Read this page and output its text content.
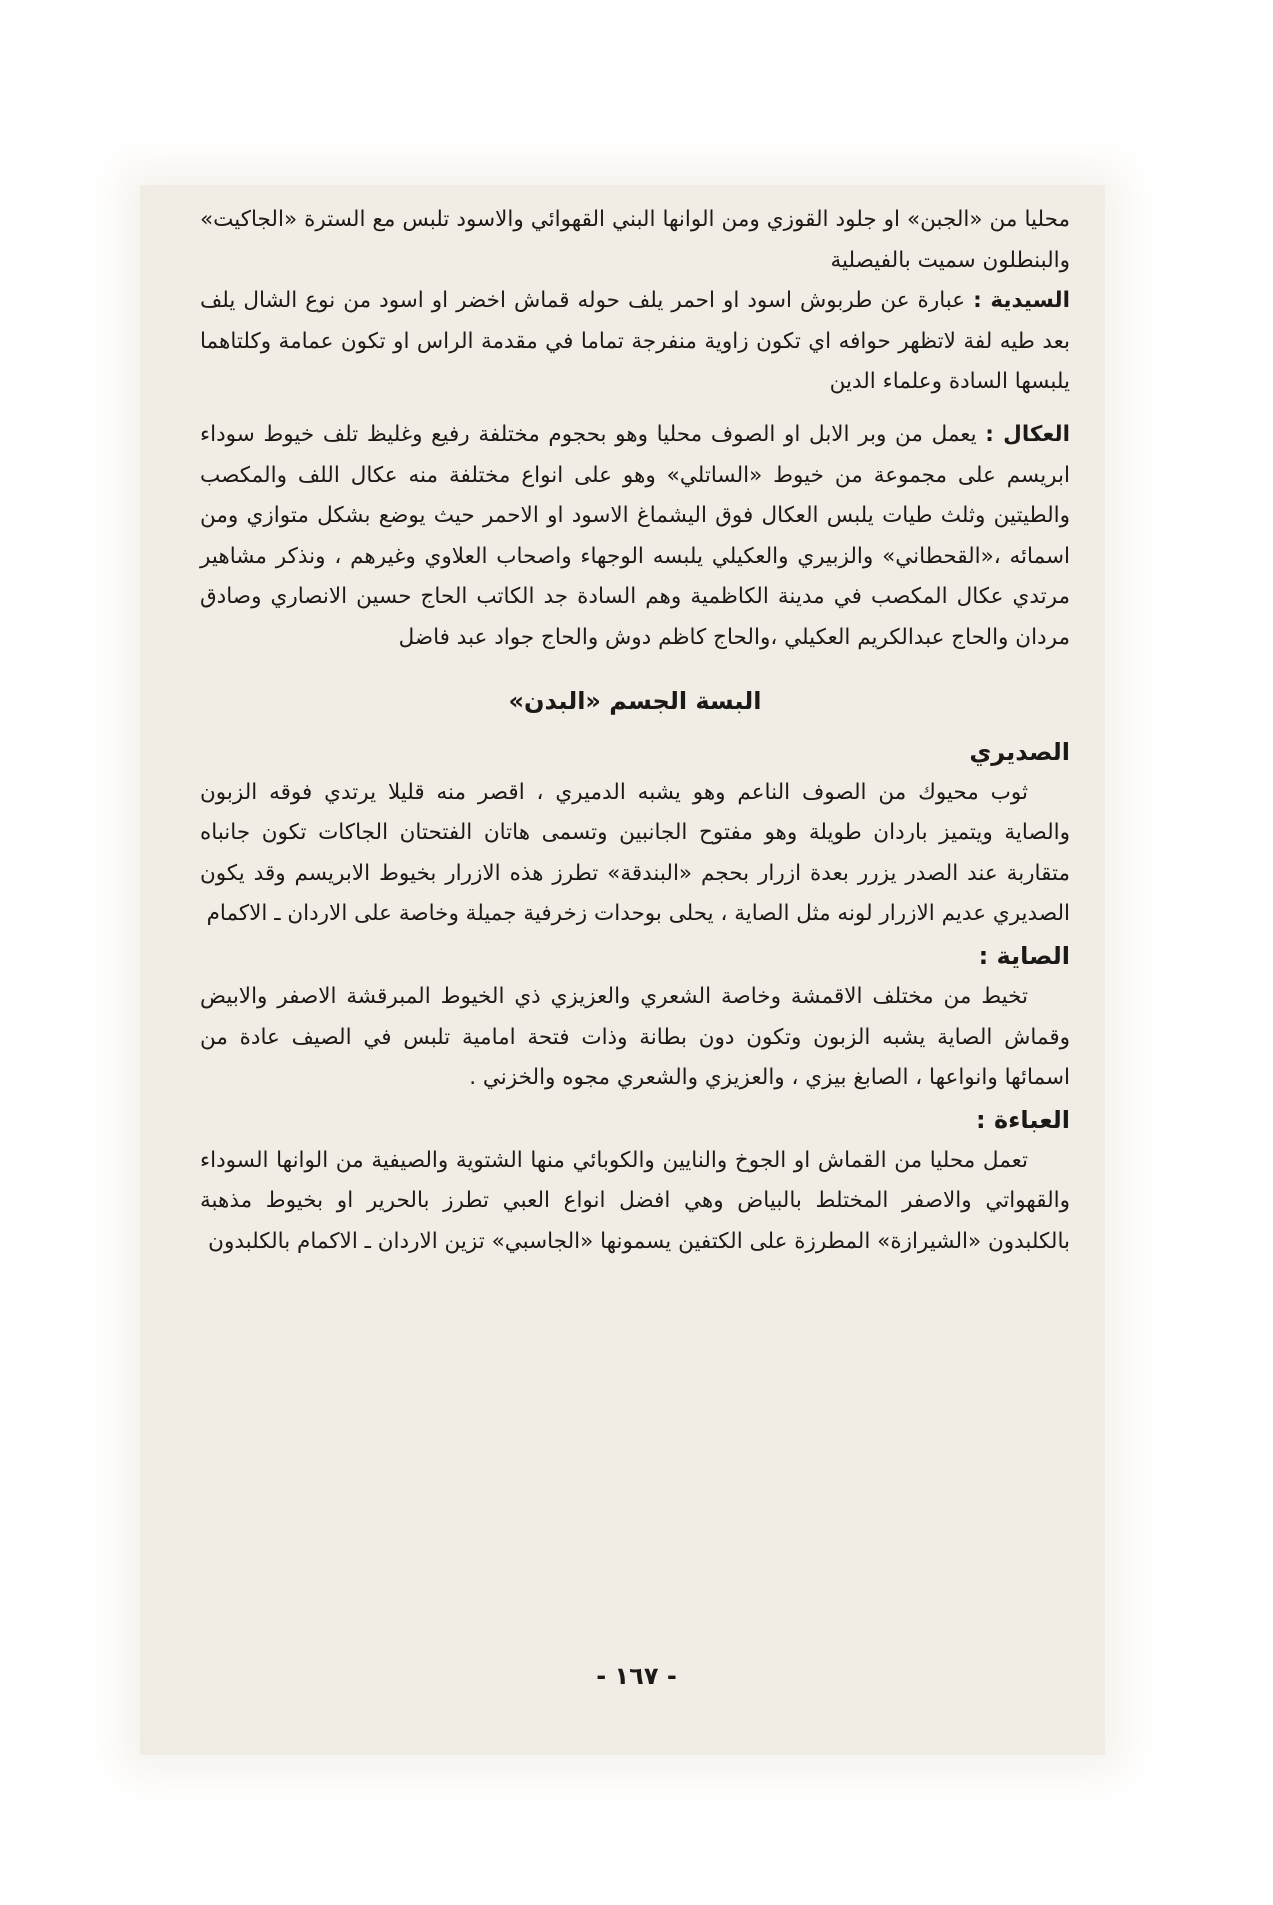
محليا من «الجبن» او جلود القوزي ومن الوانها البني القهوائي والاسود تلبس مع السترة «الجاكيت» والبنطلون سميت بالفيصلية

السيدية : عبارة عن طربوش اسود او احمر يلف حوله قماش اخضر او اسود من نوع الشال يلف بعد طيه لفة لاتظهر حوافه اي تكون زاوية منفرجة تماما في مقدمة الراس او تكون عمامة وكلتاهما يلبسها السادة وعلماء الدين

العكال : يعمل من وبر الابل او الصوف محليا وهو بحجوم مختلفة رفيع وغليظ تلف خيوط سوداء ابريسم على مجموعة من خيوط «الساتلي» وهو على انواع مختلفة منه عكال اللف والمكصب والطيتين وثلث طيات يلبس العكال فوق اليشماغ الاسود او الاحمر حيث يوضع بشكل متوازي ومن اسمائه ،«القحطاني» والزبيري والعكيلي يلبسه الوجهاء واصحاب العلاوي وغيرهم ، ونذكر مشاهير مرتدي عكال المكصب في مدينة الكاظمية وهم السادة جد الكاتب الحاج حسين الانصاري وصادق مردان والحاج عبدالكريم العكيلي ،والحاج كاظم دوش والحاج جواد عبد فاضل

البسة الجسم «البدن»

الصديري

ثوب محيوك من الصوف الناعم وهو يشبه الدميري ، اقصر منه قليلا يرتدي فوقه الزبون والصاية ويتميز باردان طويلة وهو مفتوح الجانبين وتسمى هاتان الفتحتان الجاكات تكون جانباه متقاربة عند الصدر يزرر بعدة ازرار بحجم «البندقة» تطرز هذه الازرار بخيوط الابريسم وقد يكون الصديري عديم الازرار لونه مثل الصاية ، يحلى بوحدات زخرفية جميلة وخاصة على الاردان ـ الاكمام

الصاية :

تخيط من مختلف الاقمشة وخاصة الشعري والعزيزي ذي الخيوط المبرقشة الاصفر والابيض وقماش الصاية يشبه الزبون وتكون دون بطانة وذات فتحة امامية تلبس في الصيف عادة من اسمائها وانواعها ، الصابغ بيزي ، والعزيزي والشعري مجوه والخزني .

العباءة :

تعمل محليا من القماش او الجوخ والنايين والكوبائي منها الشتوية والصيفية من الوانها السوداء والقهواتي والاصفر المختلط بالبياض وهي افضل انواع العبي تطرز بالحرير او بخيوط مذهبة بالكلبدون «الشيرازة» المطرزة على الكتفين يسمونها «الجاسبي» تزين الاردان ـ الاكمام بالكلبدون

- ١٦٧ -
